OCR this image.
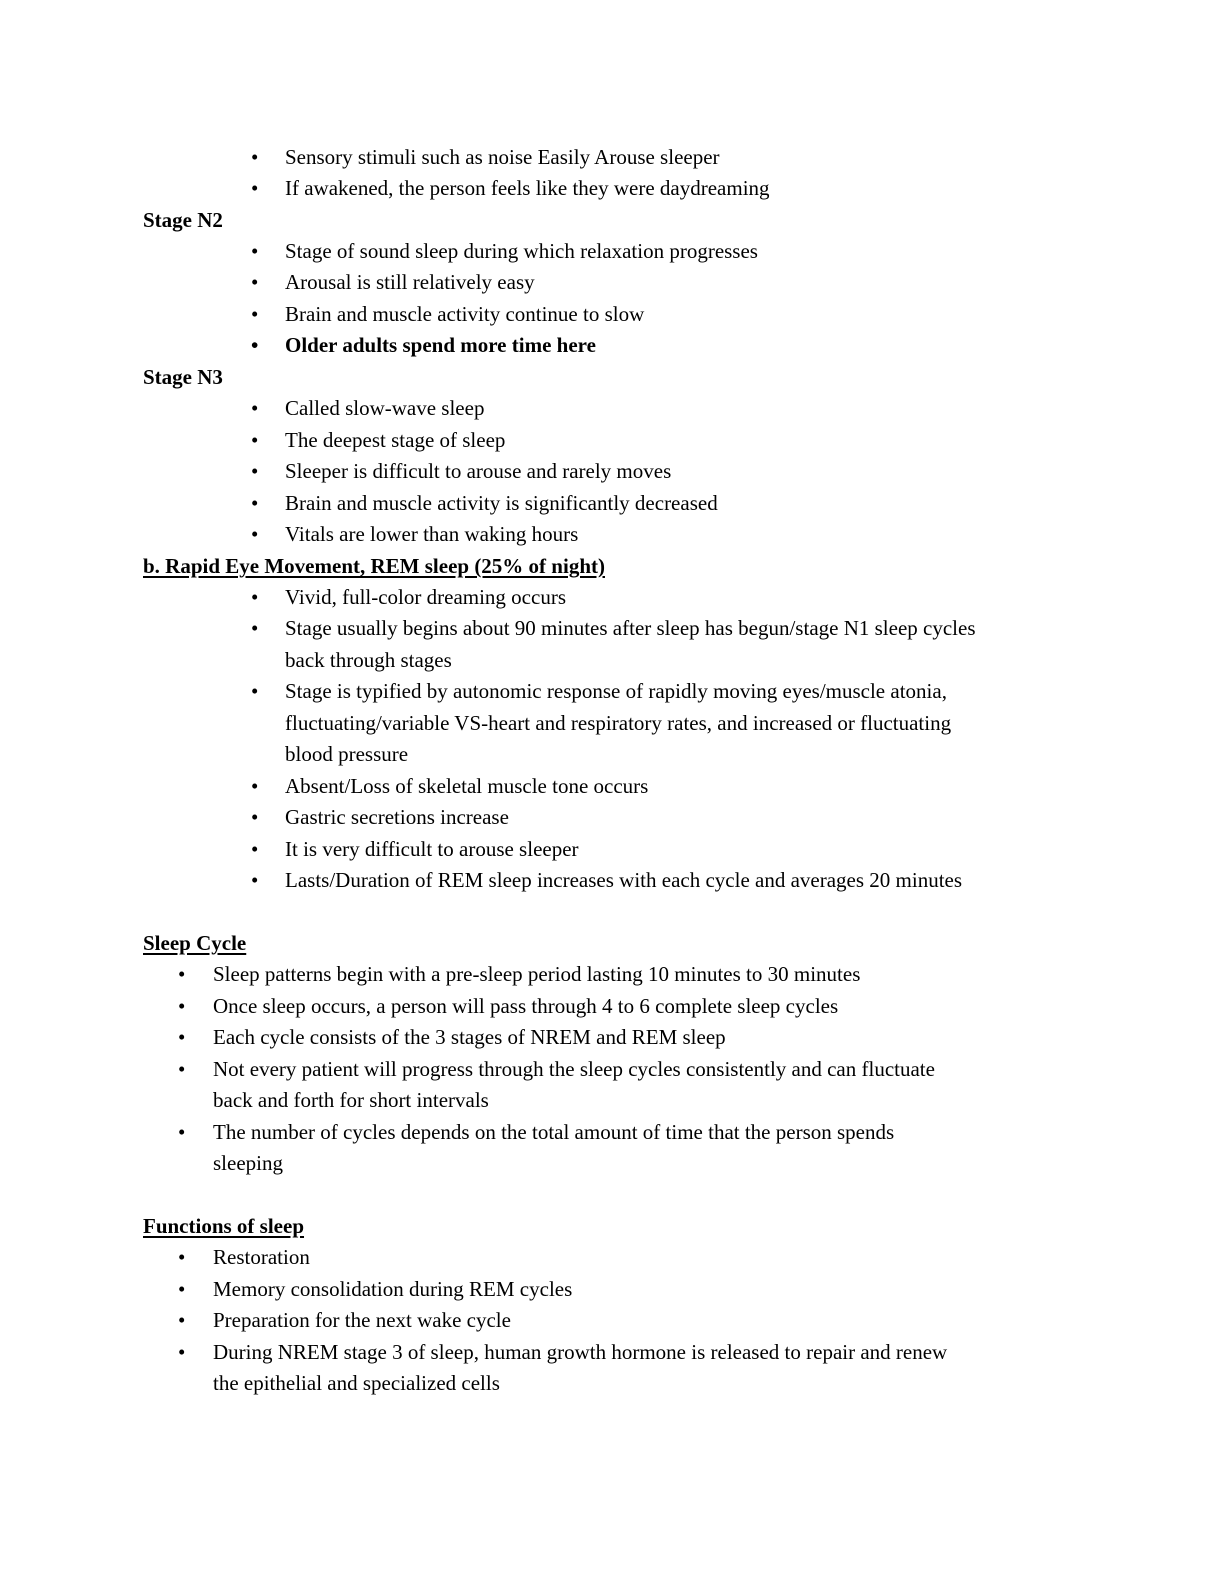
• Sensory stimuli such as noise Easily Arouse sleeper
• If awakened, the person feels like they were daydreaming
Stage N2
• Stage of sound sleep during which relaxation progresses
• Arousal is still relatively easy
• Brain and muscle activity continue to slow
• Older adults spend more time here
Stage N3
• Called slow-wave sleep
• The deepest stage of sleep
• Sleeper is difficult to arouse and rarely moves
• Brain and muscle activity is significantly decreased
• Vitals are lower than waking hours
b. Rapid Eye Movement, REM sleep (25% of night)
• Vivid, full-color dreaming occurs
• Stage usually begins about 90 minutes after sleep has begun/stage N1 sleep cycles
back through stages
• Stage is typified by autonomic response of rapidly moving eyes/muscle atonia,
fluctuating/variable VS-heart and respiratory rates, and increased or fluctuating
blood pressure
• Absent/Loss of skeletal muscle tone occurs
• Gastric secretions increase
• It is very difficult to arouse sleeper
• Lasts/Duration of REM sleep increases with each cycle and averages 20 minutes
Sleep Cycle
• Sleep patterns begin with a pre-sleep period lasting 10 minutes to 30 minutes
• Once sleep occurs, a person will pass through 4 to 6 complete sleep cycles
• Each cycle consists of the 3 stages of NREM and REM sleep
• Not every patient will progress through the sleep cycles consistently and can fluctuate
back and forth for short intervals
• The number of cycles depends on the total amount of time that the person spends
sleeping
Functions of sleep
• Restoration
• Memory consolidation during REM cycles
• Preparation for the next wake cycle
• During NREM stage 3 of sleep, human growth hormone is released to repair and renew
the epithelial and specialized cells
